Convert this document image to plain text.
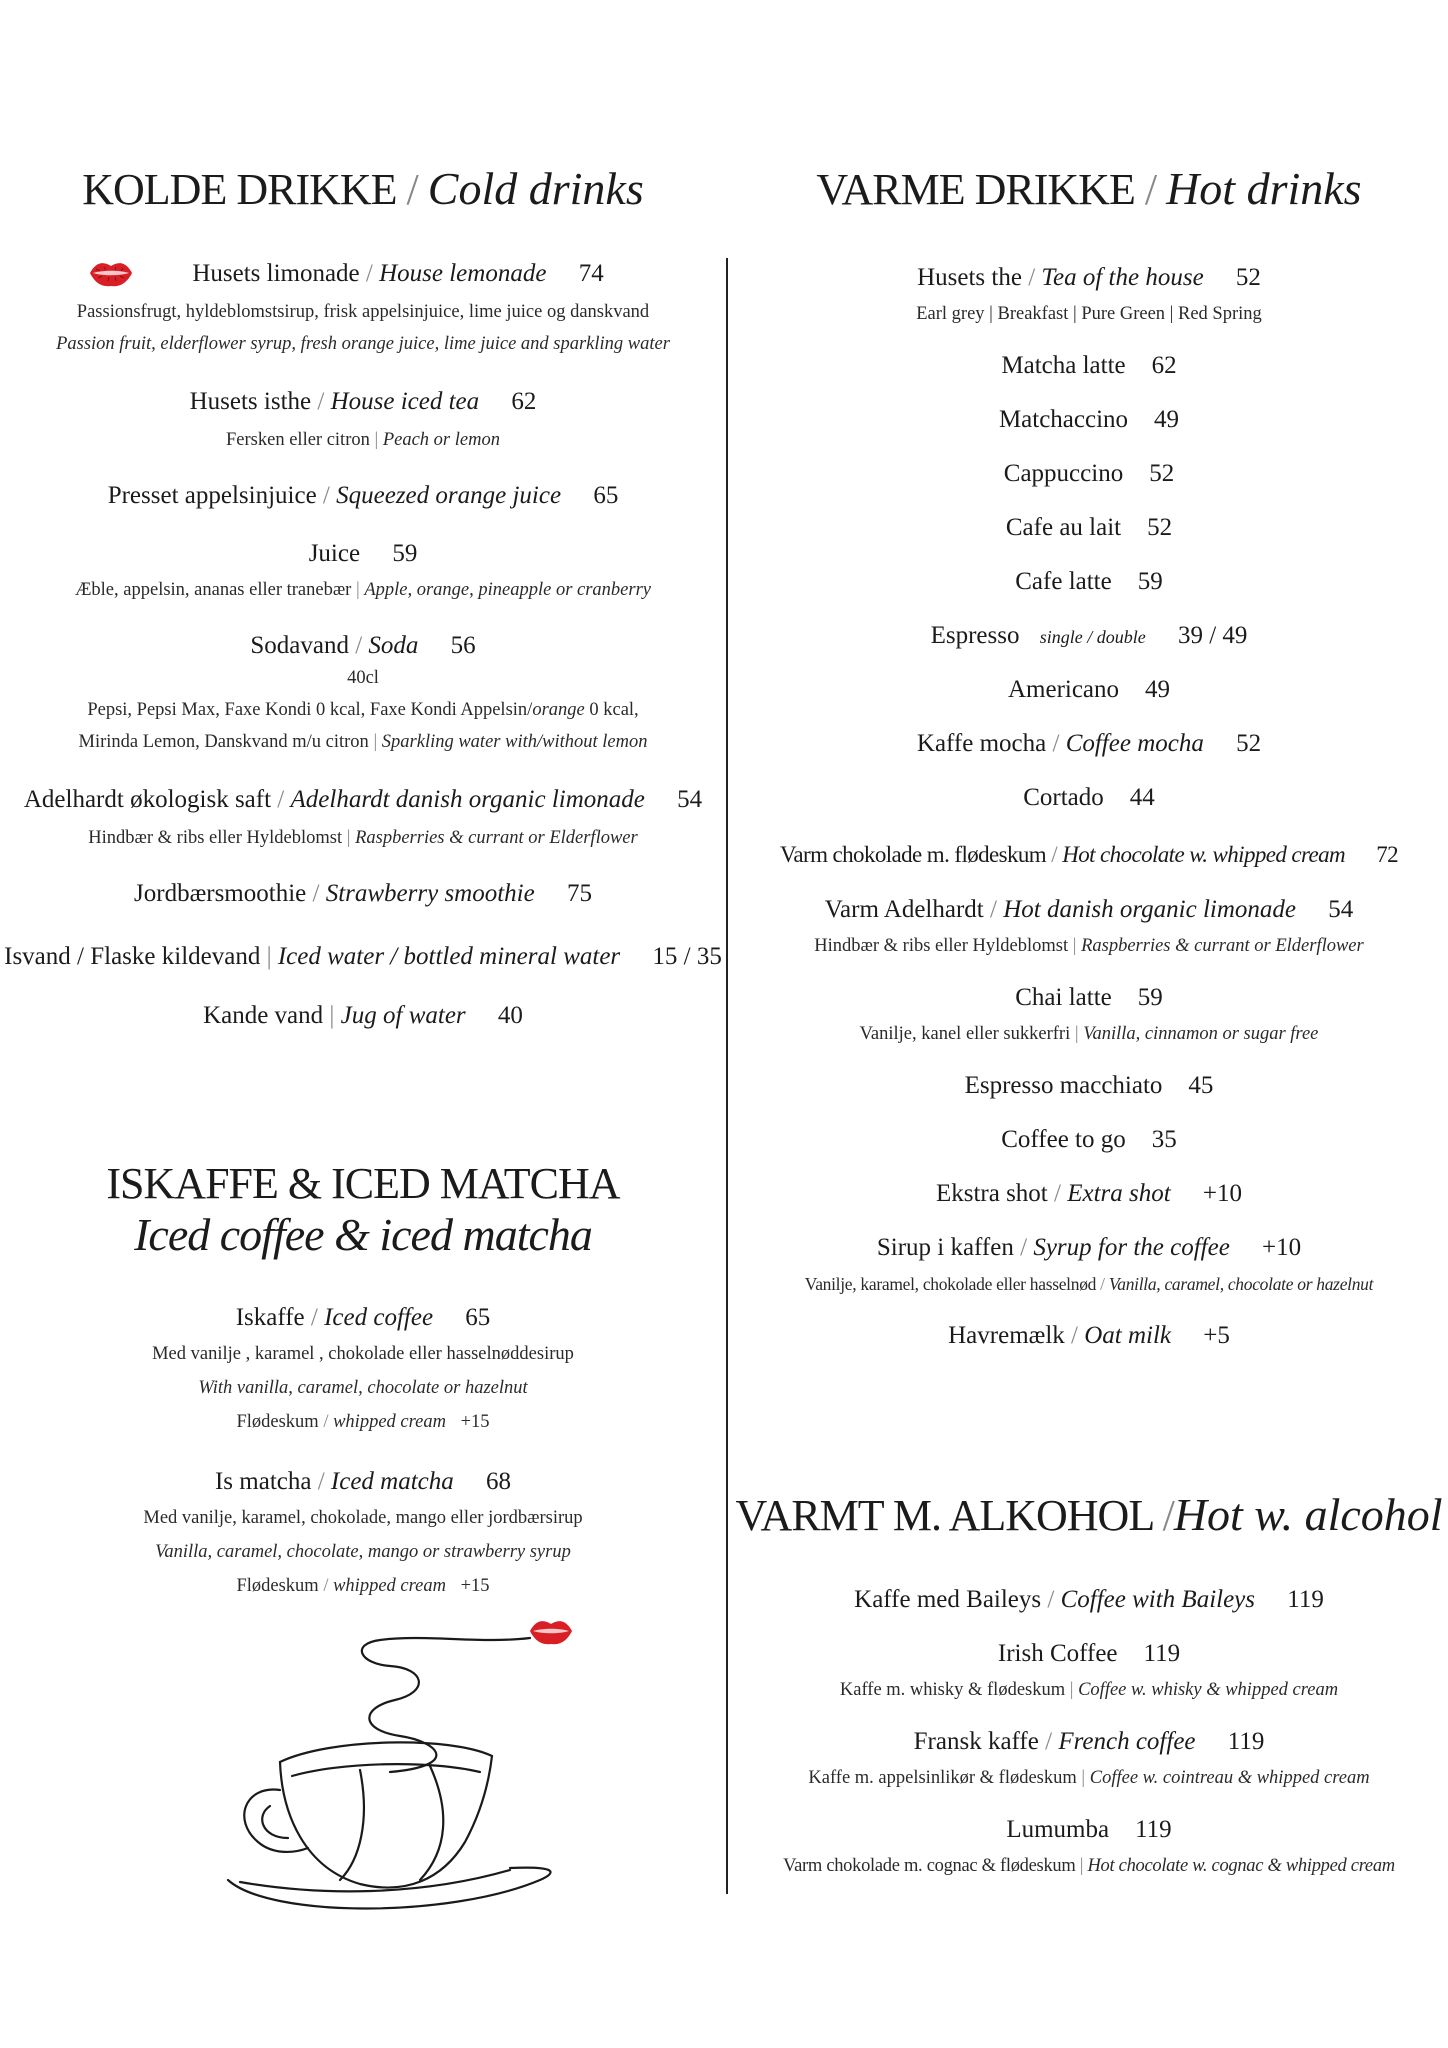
KOLDE DRIKKE / Cold drinks
Husets limonade / House lemonade 74
Passionsfrugt, hyldeblomstsirup, frisk appelsinjuice, lime juice og danskvand
Passion fruit, elderflower syrup, fresh orange juice, lime juice and sparkling water
Husets isthe / House iced tea 62
Fersken eller citron | Peach or lemon
Presset appelsinjuice / Squeezed orange juice 65
Juice 59
Æble, appelsin, ananas eller tranebær | Apple, orange, pineapple or cranberry
Sodavand / Soda 56
40cl
Pepsi, Pepsi Max, Faxe Kondi 0 kcal, Faxe Kondi Appelsin/orange 0 kcal,
Mirinda Lemon, Danskvand m/u citron | Sparkling water with/without lemon
Adelhardt økologisk saft / Adelhardt danish organic limonade 54
Hindbær & ribs eller Hyldeblomst | Raspberries & currant or Elderflower
Jordbærsmoothie / Strawberry smoothie 75
Isvand / Flaske kildevand | Iced water / bottled mineral water 15 / 35
Kande vand | Jug of water 40
ISKAFFE & ICED MATCHA
Iced coffee & iced matcha
Iskaffe / Iced coffee 65
Med vanilje , karamel , chokolade eller hasselnøddesirup
With vanilla, caramel, chocolate or hazelnut
Flødeskum / whipped cream +15
Is matcha / Iced matcha 68
Med vanilje, karamel, chokolade, mango eller jordbærsirup
Vanilla, caramel, chocolate, mango or strawberry syrup
Flødeskum / whipped cream +15
VARME DRIKKE / Hot drinks
Husets the / Tea of the house 52
Earl grey | Breakfast | Pure Green | Red Spring
Matcha latte 62
Matchaccino 49
Cappuccino 52
Cafe au lait 52
Cafe latte 59
Espresso single / double 39 / 49
Americano 49
Kaffe mocha / Coffee mocha 52
Cortado 44
Varm chokolade m. flødeskum / Hot chocolate w. whipped cream 72
Varm Adelhardt / Hot danish organic limonade 54
Hindbær & ribs eller Hyldeblomst | Raspberries & currant or Elderflower
Chai latte 59
Vanilje, kanel eller sukkerfri | Vanilla, cinnamon or sugar free
Espresso macchiato 45
Coffee to go 35
Ekstra shot / Extra shot +10
Sirup i kaffen / Syrup for the coffee +10
Vanilje, karamel, chokolade eller hasselnød / Vanilla, caramel, chocolate or hazelnut
Havremælk / Oat milk +5
VARMT M. ALKOHOL /Hot w. alcohol
Kaffe med Baileys / Coffee with Baileys 119
Irish Coffee 119
Kaffe m. whisky & flødeskum | Coffee w. whisky & whipped cream
Fransk kaffe / French coffee 119
Kaffe m. appelsinlikør & flødeskum | Coffee w. cointreau & whipped cream
Lumumba 119
Varm chokolade m. cognac & flødeskum | Hot chocolate w. cognac & whipped cream
